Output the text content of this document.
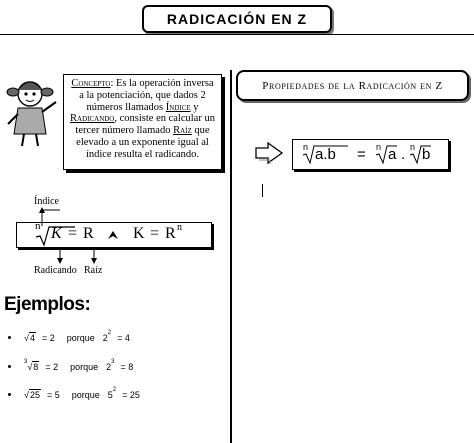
RADICACIÓN EN Z
Concepto: Es la operación inversa a la potenciación, que dados 2 números llamados Índice y Radicando, consiste en calcular un tercer número llamado Raíz que elevado a un exponente igual al índice resulta el radicando.
Índice
n K = R K = R n
Radicando Raíz
Ejemplos:
√ 4 = 2 porque 2 2 = 4
3 √ 8 = 2 porque 2 3 = 8
√ 25 = 5 porque 5 2 = 25
Propiedades de la Radicación en Z
n a.b = n a . n b
